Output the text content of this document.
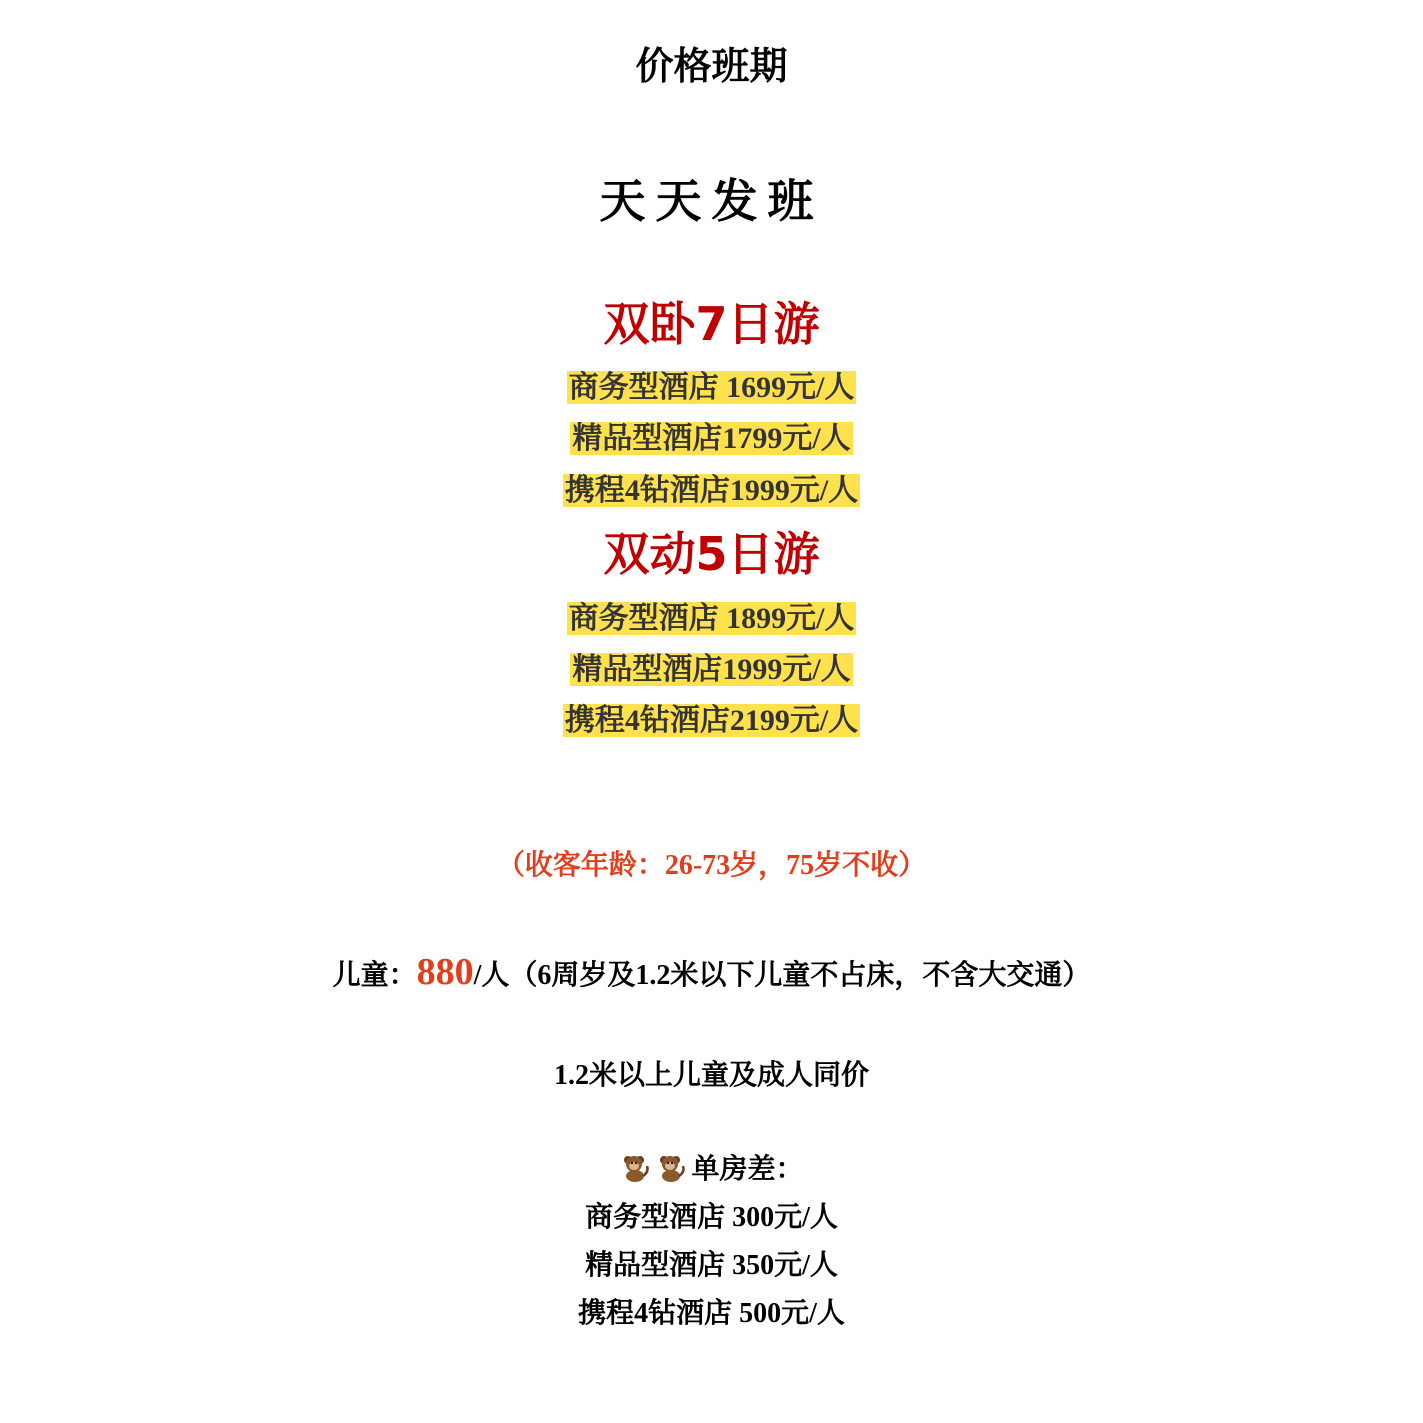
价格班期
天天发班
双卧7日游
商务型酒店 1699元/人
精品型酒店1799元/人
携程4钻酒店1999元/人
双动5日游
商务型酒店 1899元/人
精品型酒店1999元/人
携程4钻酒店2199元/人
（收客年龄：26-73岁，75岁不收）
儿童：880/人（6周岁及1.2米以下儿童不占床，不含大交通）
1.2米以上儿童及成人同价
单房差：
商务型酒店 300元/人
精品型酒店 350元/人
携程4钻酒店 500元/人
